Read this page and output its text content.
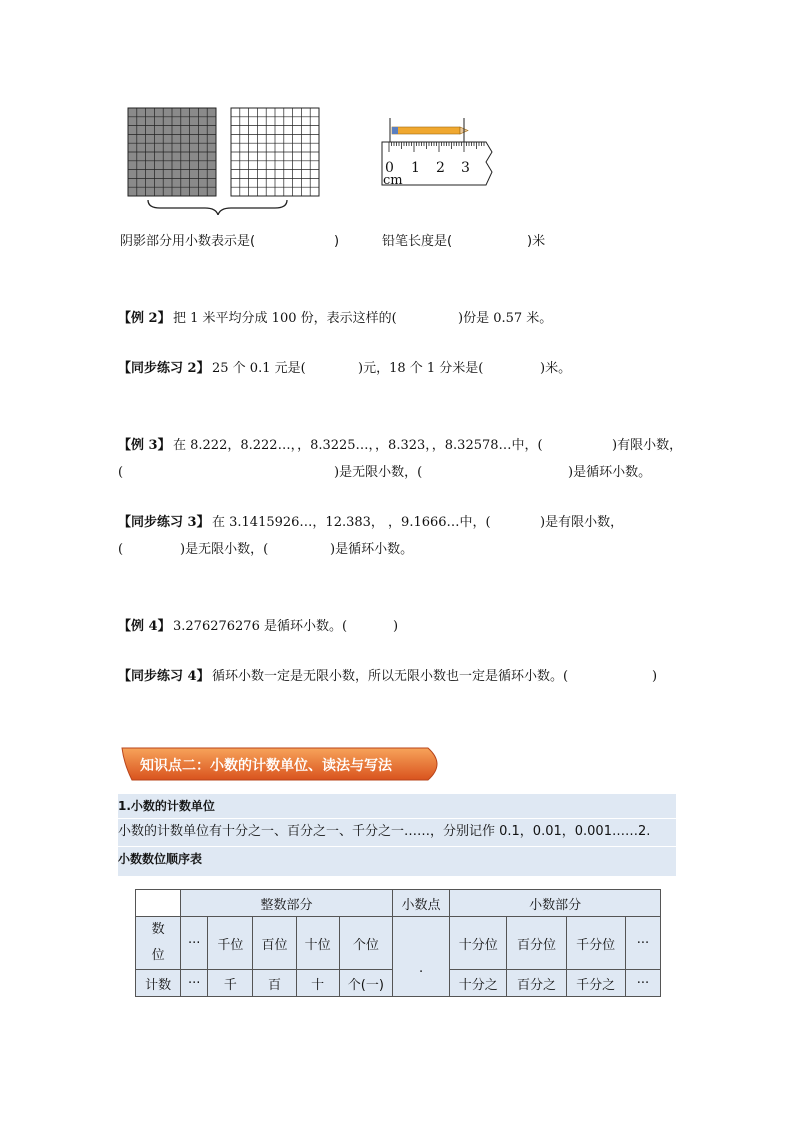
0 1 2 3
cm
阴影部分用小数表示是(	)	铅笔长度是(	)米
【例 2】 把 1 米平均分成 100 份，表示这样的(	)份是 0.57 米。
【同步练习 2】 25 个 0.1 元是(	)元，18 个 1 分米是(	)米。
【例 3】 在 8.222，8.222…，，8.3225…，，8.323，，8.32578…中，(	)有限小数，
(	)是无限小数，(	)是循环小数。
【同步练习 3】 在 3.1415926…，12.383， ，9.1666…中，(	)是有限小数，
(	)是无限小数，(	)是循环小数。
【例 4】 3.276276276 是循环小数。(	)
【同步练习 4】 循环小数一定是无限小数，所以无限小数也一定是循环小数。(	)
知识点二：小数的计数单位、读法与写法
1.小数的计数单位
小数的计数单位有十分之一、百分之一、千分之一……，分别记作 0.1，0.01，0.001……2.
小数数位顺序表
	整数部分					小数点	小数部分			
数位	···	千位	百位	十位	个位	.	十分位	百分位	千分位	···
计数	···	千	百	十	个(一)		十分之	百分之	千分之	···
